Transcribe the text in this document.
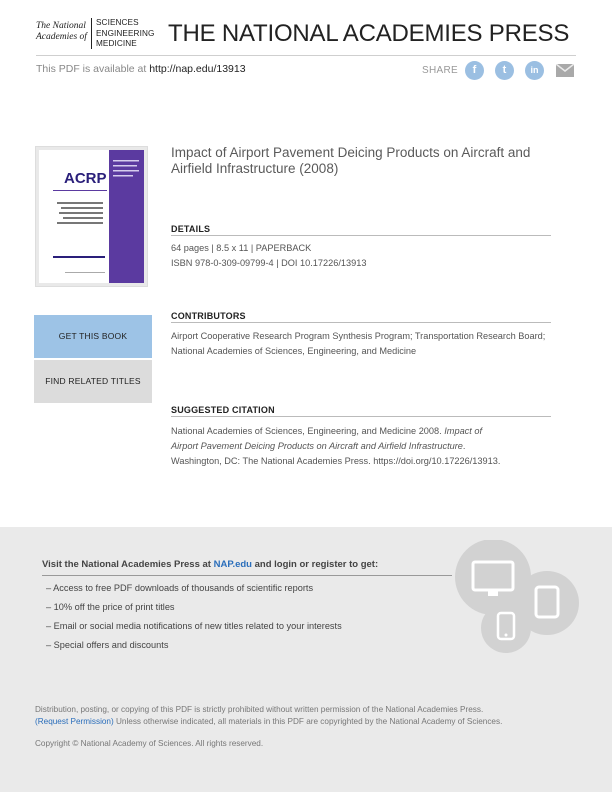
The National
Academies of
SCIENCES
ENGINEERING
MEDICINE	THE NATIONAL ACADEMIES PRESS
This PDF is available at http://nap.edu/13913	SHARE	f	t	in
ACRP
Impact of Airport Pavement Deicing Products on Aircraft and Airfield Infrastructure (2008)
DETAILS
64 pages | 8.5 x 11 | PAPERBACK
ISBN 978-0-309-09799-4 | DOI 10.17226/13913
CONTRIBUTORS
Airport Cooperative Research Program Synthesis Program; Transportation Research Board; National Academies of Sciences, Engineering, and Medicine
GET THIS BOOK
FIND RELATED TITLES
SUGGESTED CITATION
National Academies of Sciences, Engineering, and Medicine 2008. Impact of
Airport Pavement Deicing Products on Aircraft and Airfield Infrastructure.
Washington, DC: The National Academies Press. https://doi.org/10.17226/13913.
Visit the National Academies Press at NAP.edu and login or register to get:
– Access to free PDF downloads of thousands of scientific reports
– 10% off the price of print titles
– Email or social media notifications of new titles related to your interests
– Special offers and discounts
Distribution, posting, or copying of this PDF is strictly prohibited without written permission of the National Academies Press.
(Request Permission) Unless otherwise indicated, all materials in this PDF are copyrighted by the National Academy of Sciences.
Copyright © National Academy of Sciences. All rights reserved.
